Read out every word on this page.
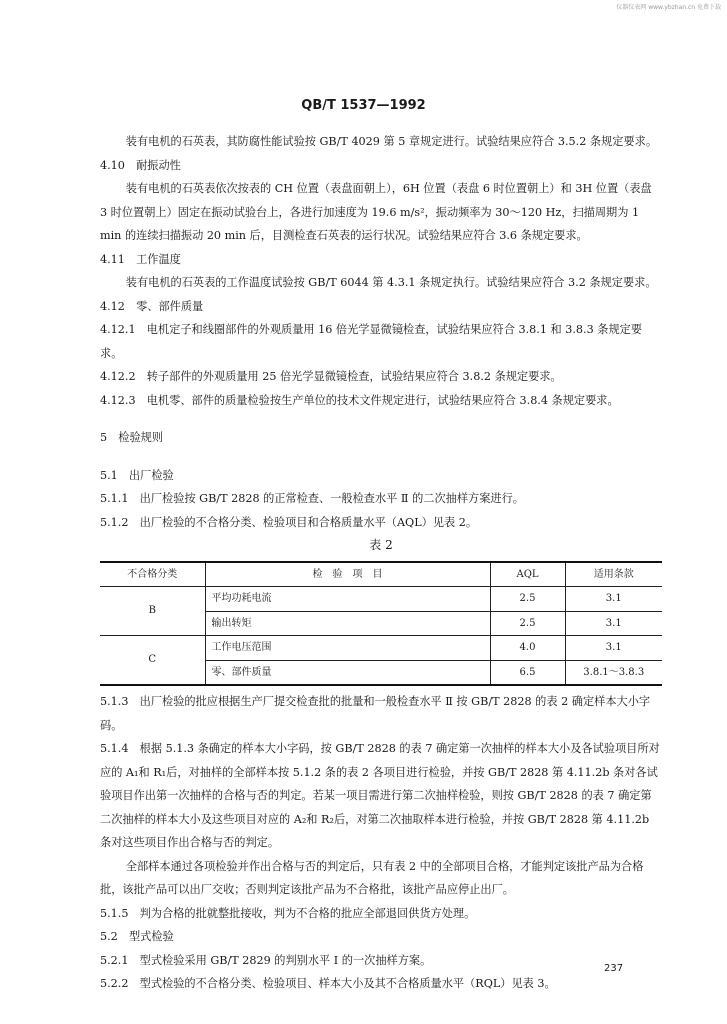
仪器仪表网 www.ybzhan.cn 免费下载
QB/T 1537—1992

装有电机的石英表，其防腐性能试验按 GB/T 4029 第 5 章规定进行。试验结果应符合 3.5.2 条规定要求。

4.10　耐振动性

装有电机的石英表依次按表的 CH 位置（表盘面朝上），6H 位置（表盘 6 时位置朝上）和 3H 位置（表盘 3 时位置朝上）固定在振动试验台上，各进行加速度为 19.6 m/s²，振动频率为 30～120 Hz，扫描周期为 1 min 的连续扫描振动 20 min 后，目测检查石英表的运行状况。试验结果应符合 3.6 条规定要求。

4.11　工作温度

装有电机的石英表的工作温度试验按 GB/T 6044 第 4.3.1 条规定执行。试验结果应符合 3.2 条规定要求。

4.12　零、部件质量

4.12.1　电机定子和线圈部件的外观质量用 16 倍光学显微镜检查，试验结果应符合 3.8.1 和 3.8.3 条规定要求。

4.12.2　转子部件的外观质量用 25 倍光学显微镜检查，试验结果应符合 3.8.2 条规定要求。

4.12.3　电机零、部件的质量检验按生产单位的技术文件规定进行，试验结果应符合 3.8.4 条规定要求。

5　检验规则

5.1　出厂检验

5.1.1　出厂检验按 GB/T 2828 的正常检查、一般检查水平 Ⅱ 的二次抽样方案进行。

5.1.2　出厂检验的不合格分类、检验项目和合格质量水平（AQL）见表 2。

表 2

不合格分类	检　验　项　目	AQL	适用条款
B	平均功耗电流	2.5	3.1
	输出转矩	2.5	3.1
C	工作电压范围	4.0	3.1
	零、部件质量	6.5	3.8.1～3.8.3

5.1.3　出厂检验的批应根据生产厂提交检查批的批量和一般检查水平 Ⅱ 按 GB/T 2828 的表 2 确定样本大小字码。

5.1.4　根据 5.1.3 条确定的样本大小字码，按 GB/T 2828 的表 7 确定第一次抽样的样本大小及各试验项目所对应的 A₁和 R₁后，对抽样的全部样本按 5.1.2 条的表 2 各项目进行检验，并按 GB/T 2828 第 4.11.2b 条对各试验项目作出第一次抽样的合格与否的判定。若某一项目需进行第二次抽样检验，则按 GB/T 2828 的表 7 确定第二次抽样的样本大小及这些项目对应的 A₂和 R₂后，对第二次抽取样本进行检验，并按 GB/T 2828 第 4.11.2b 条对这些项目作出合格与否的判定。

全部样本通过各项检验并作出合格与否的判定后，只有表 2 中的全部项目合格，才能判定该批产品为合格批，该批产品可以出厂交收；否则判定该批产品为不合格批，该批产品应停止出厂。

5.1.5　判为合格的批就整批接收，判为不合格的批应全部退回供货方处理。

5.2　型式检验

5.2.1　型式检验采用 GB/T 2829 的判别水平 Ⅰ 的一次抽样方案。

5.2.2　型式检验的不合格分类、检验项目、样本大小及其不合格质量水平（RQL）见表 3。

237
